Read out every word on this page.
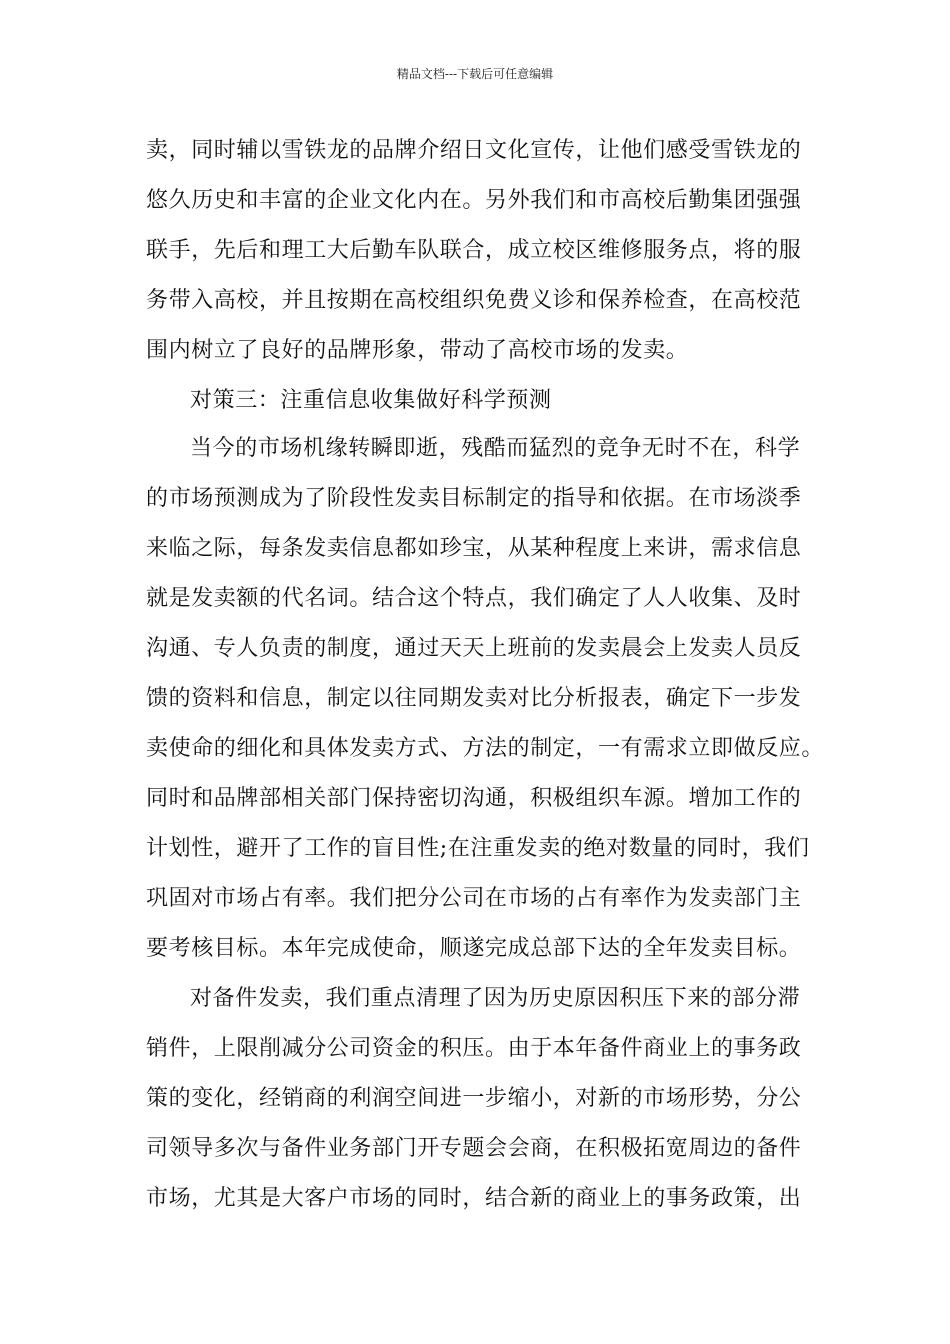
精品文档---下载后可任意编辑

卖，同时辅以雪铁龙的品牌介绍日文化宣传，让他们感受雪铁龙的

悠久历史和丰富的企业文化内在。另外我们和市高校后勤集团强强

联手，先后和理工大后勤车队联合，成立校区维修服务点，将的服

务带入高校，并且按期在高校组织免费义诊和保养检查，在高校范

围内树立了良好的品牌形象，带动了高校市场的发卖。

对策三：注重信息收集做好科学预测

当今的市场机缘转瞬即逝，残酷而猛烈的竞争无时不在，科学

的市场预测成为了阶段性发卖目标制定的指导和依据。在市场淡季

来临之际，每条发卖信息都如珍宝，从某种程度上来讲，需求信息

就是发卖额的代名词。结合这个特点，我们确定了人人收集、及时

沟通、专人负责的制度，通过天天上班前的发卖晨会上发卖人员反

馈的资料和信息，制定以往同期发卖对比分析报表，确定下一步发

卖使命的细化和具体发卖方式、方法的制定，一有需求立即做反应。

同时和品牌部相关部门保持密切沟通，积极组织车源。增加工作的

计划性，避开了工作的盲目性;在注重发卖的绝对数量的同时，我们

巩固对市场占有率。我们把分公司在市场的占有率作为发卖部门主

要考核目标。本年完成使命，顺遂完成总部下达的全年发卖目标。

对备件发卖，我们重点清理了因为历史原因积压下来的部分滞

销件，上限削减分公司资金的积压。由于本年备件商业上的事务政

策的变化，经销商的利润空间进一步缩小，对新的市场形势，分公

司领导多次与备件业务部门开专题会会商，在积极拓宽周边的备件

市场，尤其是大客户市场的同时，结合新的商业上的事务政策，出
